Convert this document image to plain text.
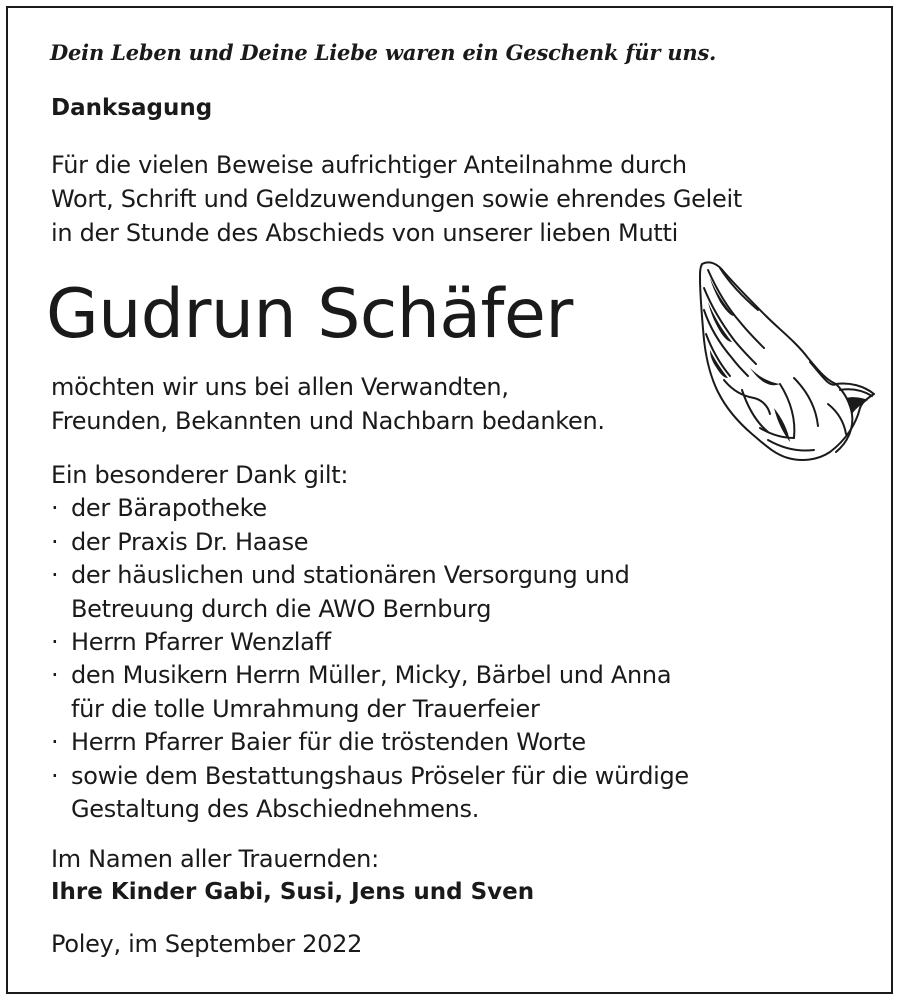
Dein Leben und Deine Liebe waren ein Geschenk für uns.
Danksagung
Für die vielen Beweise aufrichtiger Anteilnahme durch
Wort, Schrift und Geldzuwendungen sowie ehrendes Geleit
in der Stunde des Abschieds von unserer lieben Mutti
Gudrun Schäfer
möchten wir uns bei allen Verwandten,
Freunden, Bekannten und Nachbarn bedanken.
Ein besonderer Dank gilt:
· der Bärapotheke
· der Praxis Dr. Haase
· der häuslichen und stationären Versorgung und
Betreuung durch die AWO Bernburg
· Herrn Pfarrer Wenzlaff
· den Musikern Herrn Müller, Micky, Bärbel und Anna
für die tolle Umrahmung der Trauerfeier
· Herrn Pfarrer Baier für die tröstenden Worte
· sowie dem Bestattungshaus Pröseler für die würdige
Gestaltung des Abschiednehmens.
Im Namen aller Trauernden:
Ihre Kinder Gabi, Susi, Jens und Sven
Poley, im September 2022
